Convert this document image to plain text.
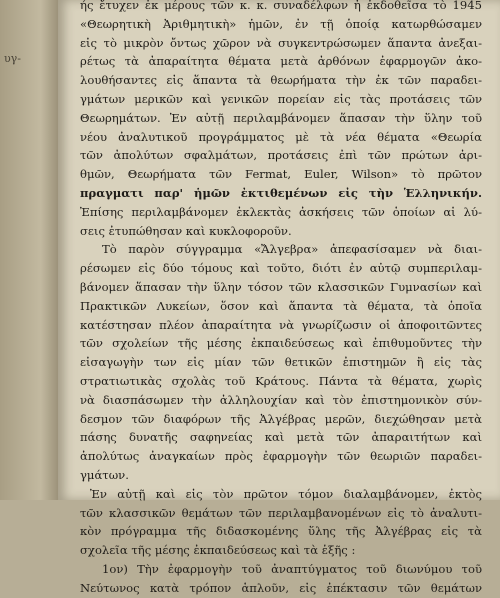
υγ-
ής ἔτυχεν ἐκ μέρους τῶν κ. κ. συναδέλφων ἡ ἐκδοθεῖσα τὸ 1945
«Θεωρητικὴ Ἀριθμητικὴ» ἡμῶν, ἐν τῇ ὁποίᾳ κατωρθώσαμεν
εἰς τὸ μικρὸν ὄντως χῶρον νὰ συγκεντρώσωμεν ἅπαντα ἀνεξαι-
ρέτως τὰ ἀπαραίτητα θέματα μετὰ ἀρθόνων ἐφαρμογῶν ἀκο-
λουθήσαντες εἰς ἅπαντα τὰ θεωρήματα τὴν ἐκ τῶν παραδει-
γμάτων μερικῶν καὶ γενικῶν πορείαν εἰς τὰς προτάσεις τῶν
Θεωρημάτων. Ἐν αὐτῇ περιλαμβάνομεν ἅπασαν τὴν ὕλην τοῦ
νέου ἀναλυτικοῦ προγράμματος μὲ τὰ νέα θέματα «Θεωρία
τῶν ἀπολύτων σφαλμάτων, προτάσεις ἐπὶ τῶν πρώτων ἀρι-
θμῶν, Θεωρήματα τῶν Fermat, Euler, Wilson» τὸ πρῶτον
πραγματι παρ' ἡμῶν ἐκτιθεμένων εἰς τὴν Ἑλληνικήν.
Ἐπίσης περιλαμβάνομεν ἐκλεκτὰς ἀσκήσεις τῶν ὁποίων αἱ λύ-
σεις ἐτυπώθησαν καὶ κυκλοφοροῦν.
Τὸ παρὸν σύγγραμμα «Ἄλγεβρα» ἀπεφασίσαμεν νὰ διαι-
ρέσωμεν εἰς δύο τόμους καὶ τοῦτο, διότι ἐν αὐτῷ συμπεριλαμ-
βάνομεν ἅπασαν τὴν ὕλην τόσον τῶν κλασσικῶν Γυμνασίων καὶ
Πρακτικῶν Λυκείων, ὅσον καὶ ἅπαντα τὰ θέματα, τὰ ὁποῖα
κατέστησαν πλέον ἀπαραίτητα νὰ γνωρίζωσιν οἱ ἀποφοιτῶντες
τῶν σχολείων τῆς μέσης ἐκπαιδεύσεως καὶ ἐπιθυμοῦντες τὴν
εἰσαγωγὴν των εἰς μίαν τῶν θετικῶν ἐπιστημῶν ἢ εἰς τὰς
στρατιωτικὰς σχολὰς τοῦ Κράτους. Πάντα τὰ θέματα, χωρὶς
νὰ διασπάσωμεν τὴν ἀλληλουχίαν καὶ τὸν ἐπιστημονικὸν σύν-
δεσμον τῶν διαφόρων τῆς Ἀλγέβρας μερῶν, διεχώθησαν μετὰ
πάσης δυνατῆς σαφηνείας καὶ μετὰ τῶν ἀπαραιτήτων καὶ
ἀπολύτως ἀναγκαίων πρὸς ἐφαρμογὴν τῶν θεωριῶν παραδει-
γμάτων.
Ἐν αὐτῇ καὶ εἰς τὸν πρῶτον τόμον διαλαμβάνομεν, ἐκτὸς
τῶν κλασσικῶν θεμάτων τῶν περιλαμβανομένων εἰς τὸ ἀναλυτι-
κὸν πρόγραμμα τῆς διδασκομένης ὕλης τῆς Ἀλγέβρας εἰς τὰ
σχολεῖα τῆς μέσης ἐκπαιδεύσεως καὶ τὰ ἑξῆς :
1ον) Τὴν ἐφαρμογὴν τοῦ ἀναπτύγματος τοῦ διωνύμου τοῦ
Νεύτωνος κατὰ τρόπον ἁπλοῦν, εἰς ἐπέκτασιν τῶν θεμάτων
